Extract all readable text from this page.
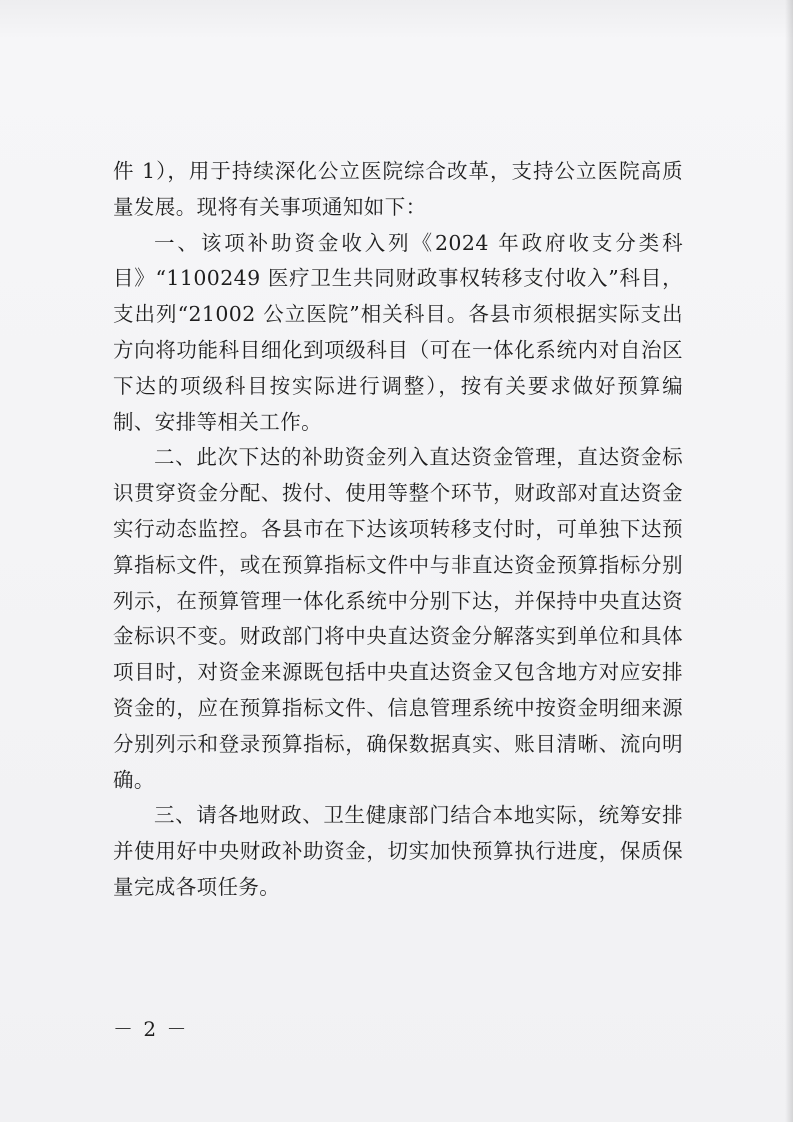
件 1），用于持续深化公立医院综合改革，支持公立医院高质量发展。现将有关事项通知如下：

一、该项补助资金收入列《2024 年政府收支分类科目》“1100249 医疗卫生共同财政事权转移支付收入”科目，支出列“21002 公立医院”相关科目。各县市须根据实际支出方向将功能科目细化到项级科目（可在一体化系统内对自治区下达的项级科目按实际进行调整），按有关要求做好预算编制、安排等相关工作。

二、此次下达的补助资金列入直达资金管理，直达资金标识贯穿资金分配、拨付、使用等整个环节，财政部对直达资金实行动态监控。各县市在下达该项转移支付时，可单独下达预算指标文件，或在预算指标文件中与非直达资金预算指标分别列示，在预算管理一体化系统中分别下达，并保持中央直达资金标识不变。财政部门将中央直达资金分解落实到单位和具体项目时，对资金来源既包括中央直达资金又包含地方对应安排资金的，应在预算指标文件、信息管理系统中按资金明细来源分别列示和登录预算指标，确保数据真实、账目清晰、流向明确。

三、请各地财政、卫生健康部门结合本地实际，统筹安排并使用好中央财政补助资金，切实加快预算执行进度，保质保量完成各项任务。

－ 2 －
